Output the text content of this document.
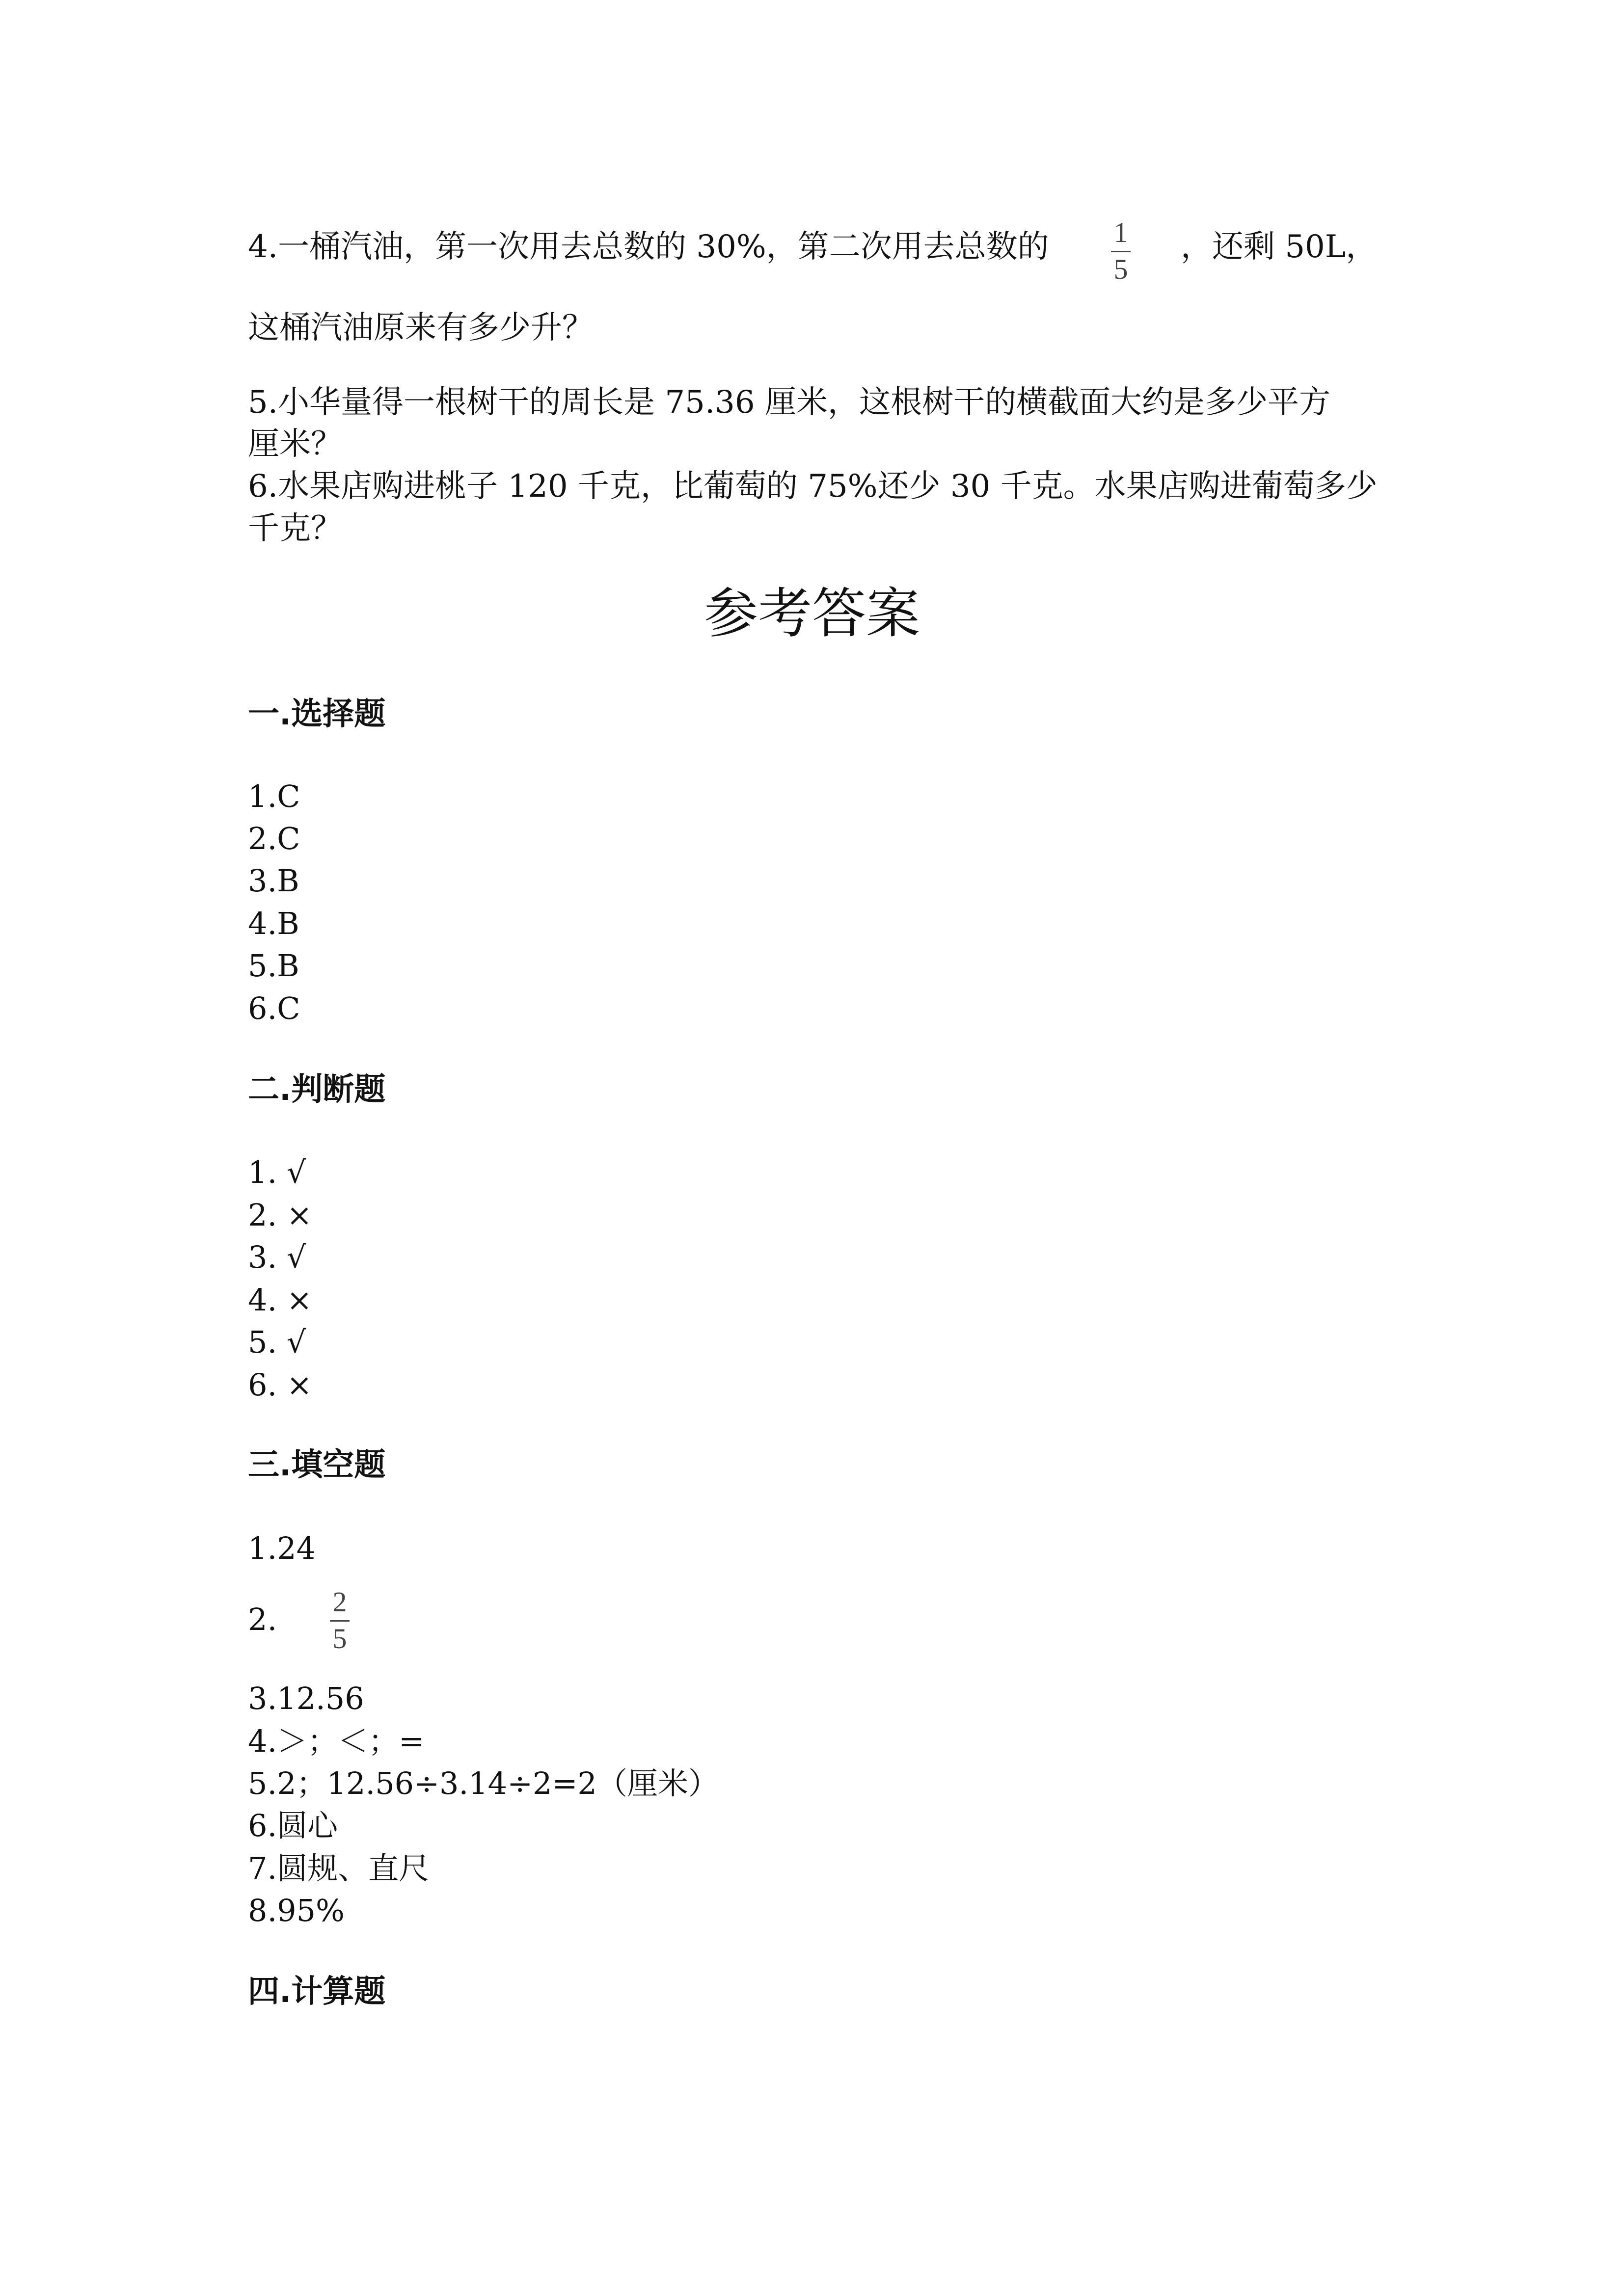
4.一桶汽油，第一次用去总数的 30%，第二次用去总数的 1
5
，还剩 50L，
这桶汽油原来有多少升？
5.小华量得一根树干的周长是 75.36 厘米，这根树干的横截面大约是多少平方
厘米？
6.水果店购进桃子 120 千克，比葡萄的 75%还少 30 千克。水果店购进葡萄多少
千克？
参考答案
一.选择题
1.C
2.C
3.B
4.B
5.B
6.C
二.判断题
1. √
2. ×
3. √
4. ×
5. √
6. ×
三.填空题
1.24
2. 2
5
3.12.56
4.＞；＜；=
5.2；12.56÷3.14÷2=2（厘米）
6.圆心
7.圆规、直尺
8.95%
四.计算题
